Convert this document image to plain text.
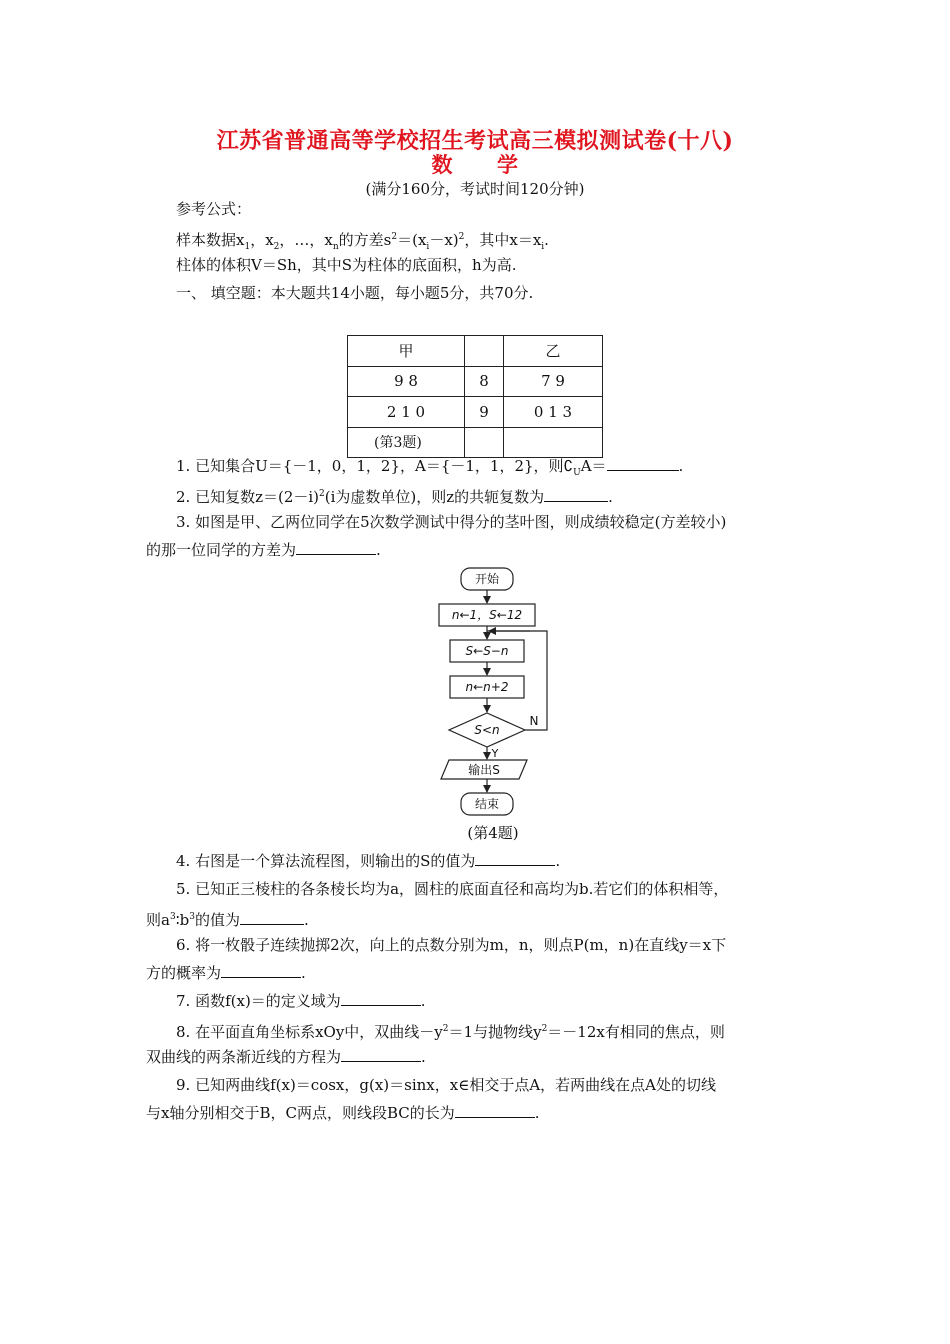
江苏省普通高等学校招生考试高三模拟测试卷(十八)
数 学
(满分160分，考试时间120分钟)
参考公式：
样本数据$x_1$，$x_2$，…，$x_n$的方差$s^2=(x_i-x)^2$，其中$x=x_i$.
柱体的体积V＝Sh，其中S为柱体的底面积，h为高.
一、 填空题：本大题共14小题，每小题5分，共70分.
甲		乙
9 8	8	7 9
2 1 0	9	0 1 3
(第3题)		
1. 已知集合U＝{－1，0，1，2}，A＝{－1，1，2}，则$∁_UA=$	.
2. 已知复数$z=(2-i)^2(i$为虚数单位)，则z的共轭复数为	.
3. 如图是甲、乙两位同学在5次数学测试中得分的茎叶图，则成绩较稳定(方差较小)
的那一位同学的方差为	.
开始
n←1，S←12
S←S−n
n←n+2
S<n
N
Y
输出S
结束
(第4题)
4. 右图是一个算法流程图，则输出的S的值为	.
5. 已知正三棱柱的各条棱长均为a，圆柱的底面直径和高均为b.若它们的体积相等，
则$a^3∶b^3$的值为	.
6. 将一枚骰子连续抛掷2次，向上的点数分别为m，n，则点P(m，n)在直线y＝x下
方的概率为	.
7. 函数f(x)＝的定义域为	.
8. 在平面直角坐标系xOy中，双曲线$-y^2=1$与抛物线$y^2=-12x$有相同的焦点，则
双曲线的两条渐近线的方程为	.
9. 已知两曲线f(x)＝cosx，g(x)＝sinx，x∈相交于点A，若两曲线在点A处的切线
与x轴分别相交于B，C两点，则线段BC的长为	.
